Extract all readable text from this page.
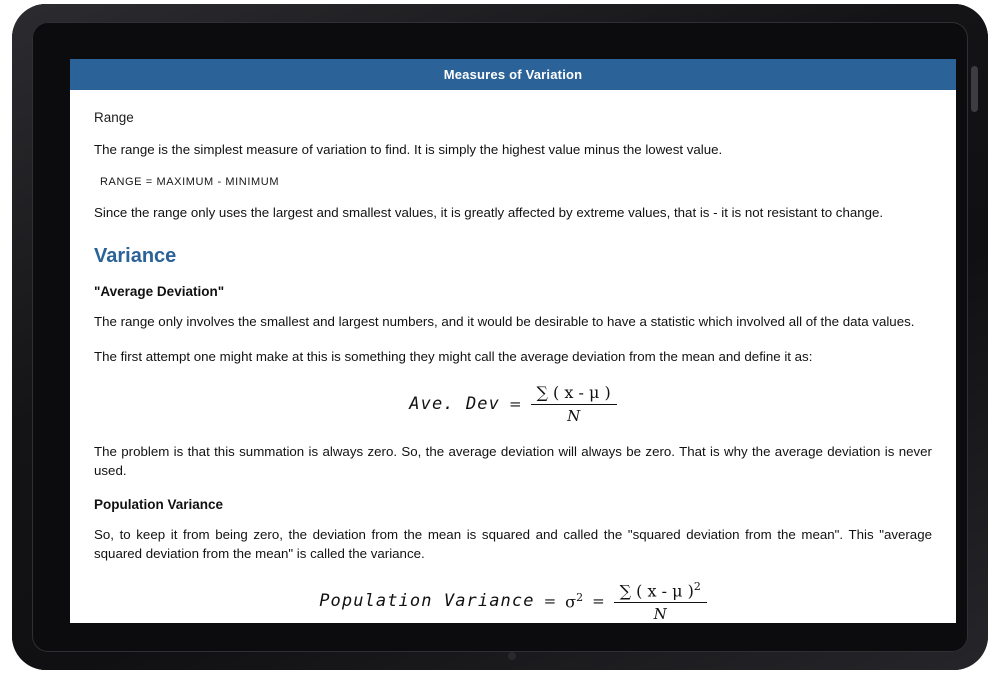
Measures of Variation
Range

The range is the simplest measure of variation to find. It is simply the highest value minus the lowest value.

RANGE = MAXIMUM - MINIMUM

Since the range only uses the largest and smallest values, it is greatly affected by extreme values, that is - it is not resistant to change.

Variance
"Average Deviation"

The range only involves the smallest and largest numbers, and it would be desirable to have a statistic which involved all of the data values.

The first attempt one might make at this is something they might call the average deviation from the mean and define it as:

Ave. Dev = $\frac{\sum ( x - \mu )}{N}$

The problem is that this summation is always zero. So, the average deviation will always be zero. That is why the average deviation is never used.

Population Variance

So, to keep it from being zero, the deviation from the mean is squared and called the "squared deviation from the mean". This "average squared deviation from the mean" is called the variance.

Population Variance = $\sigma^2 = \frac{\sum ( x - \mu )^2}{N}$
